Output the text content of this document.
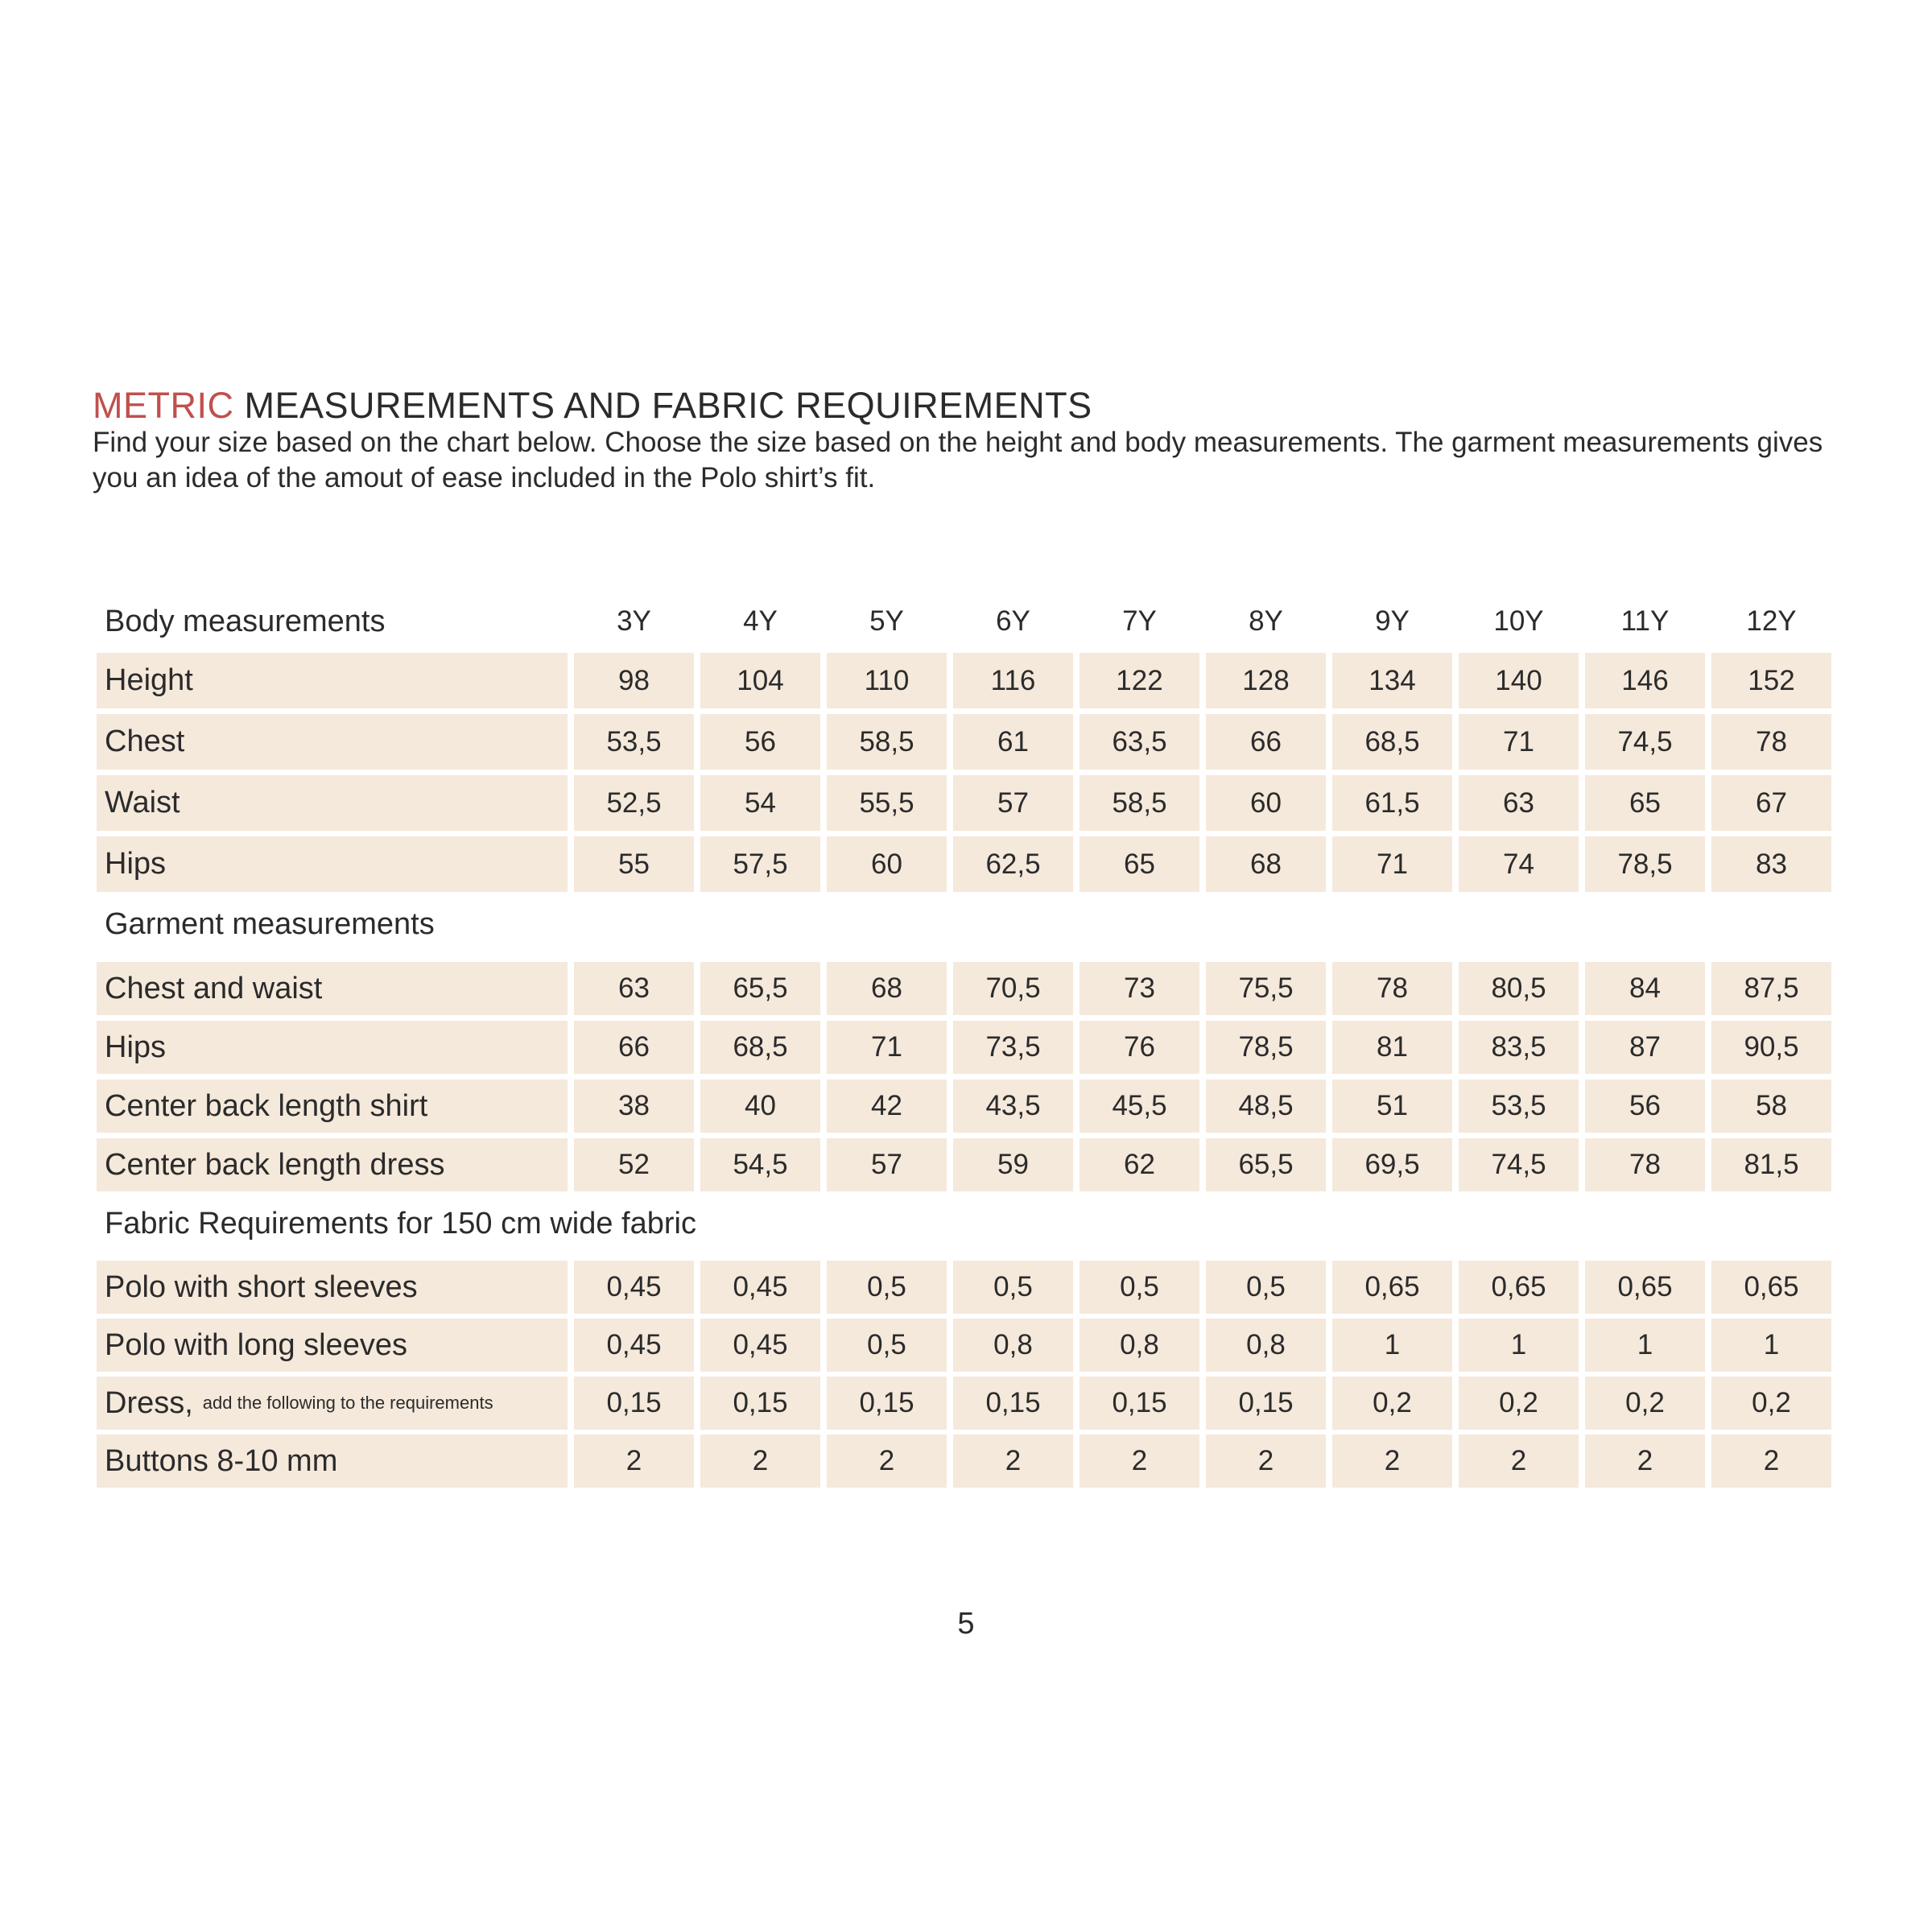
METRIC MEASUREMENTS AND FABRIC REQUIREMENTS

Find your size based on the chart below. Choose the size based on the height and body measurements. The garment measurements gives you an idea of the amout of ease included in the Polo shirt’s fit.

Body measurements	3Y	4Y	5Y	6Y	7Y	8Y	9Y	10Y	11Y	12Y
Height	98	104	110	116	122	128	134	140	146	152
Chest	53,5	56	58,5	61	63,5	66	68,5	71	74,5	78
Waist	52,5	54	55,5	57	58,5	60	61,5	63	65	67
Hips	55	57,5	60	62,5	65	68	71	74	78,5	83
Garment measurements
Chest and waist	63	65,5	68	70,5	73	75,5	78	80,5	84	87,5
Hips	66	68,5	71	73,5	76	78,5	81	83,5	87	90,5
Center back length shirt	38	40	42	43,5	45,5	48,5	51	53,5	56	58
Center back length dress	52	54,5	57	59	62	65,5	69,5	74,5	78	81,5
Fabric Requirements for 150 cm wide fabric
Polo with short sleeves	0,45	0,45	0,5	0,5	0,5	0,5	0,65	0,65	0,65	0,65
Polo with long sleeves	0,45	0,45	0,5	0,8	0,8	0,8	1	1	1	1
Dress, add the following to the requirements	0,15	0,15	0,15	0,15	0,15	0,15	0,2	0,2	0,2	0,2
Buttons 8-10 mm	2	2	2	2	2	2	2	2	2	2
5
